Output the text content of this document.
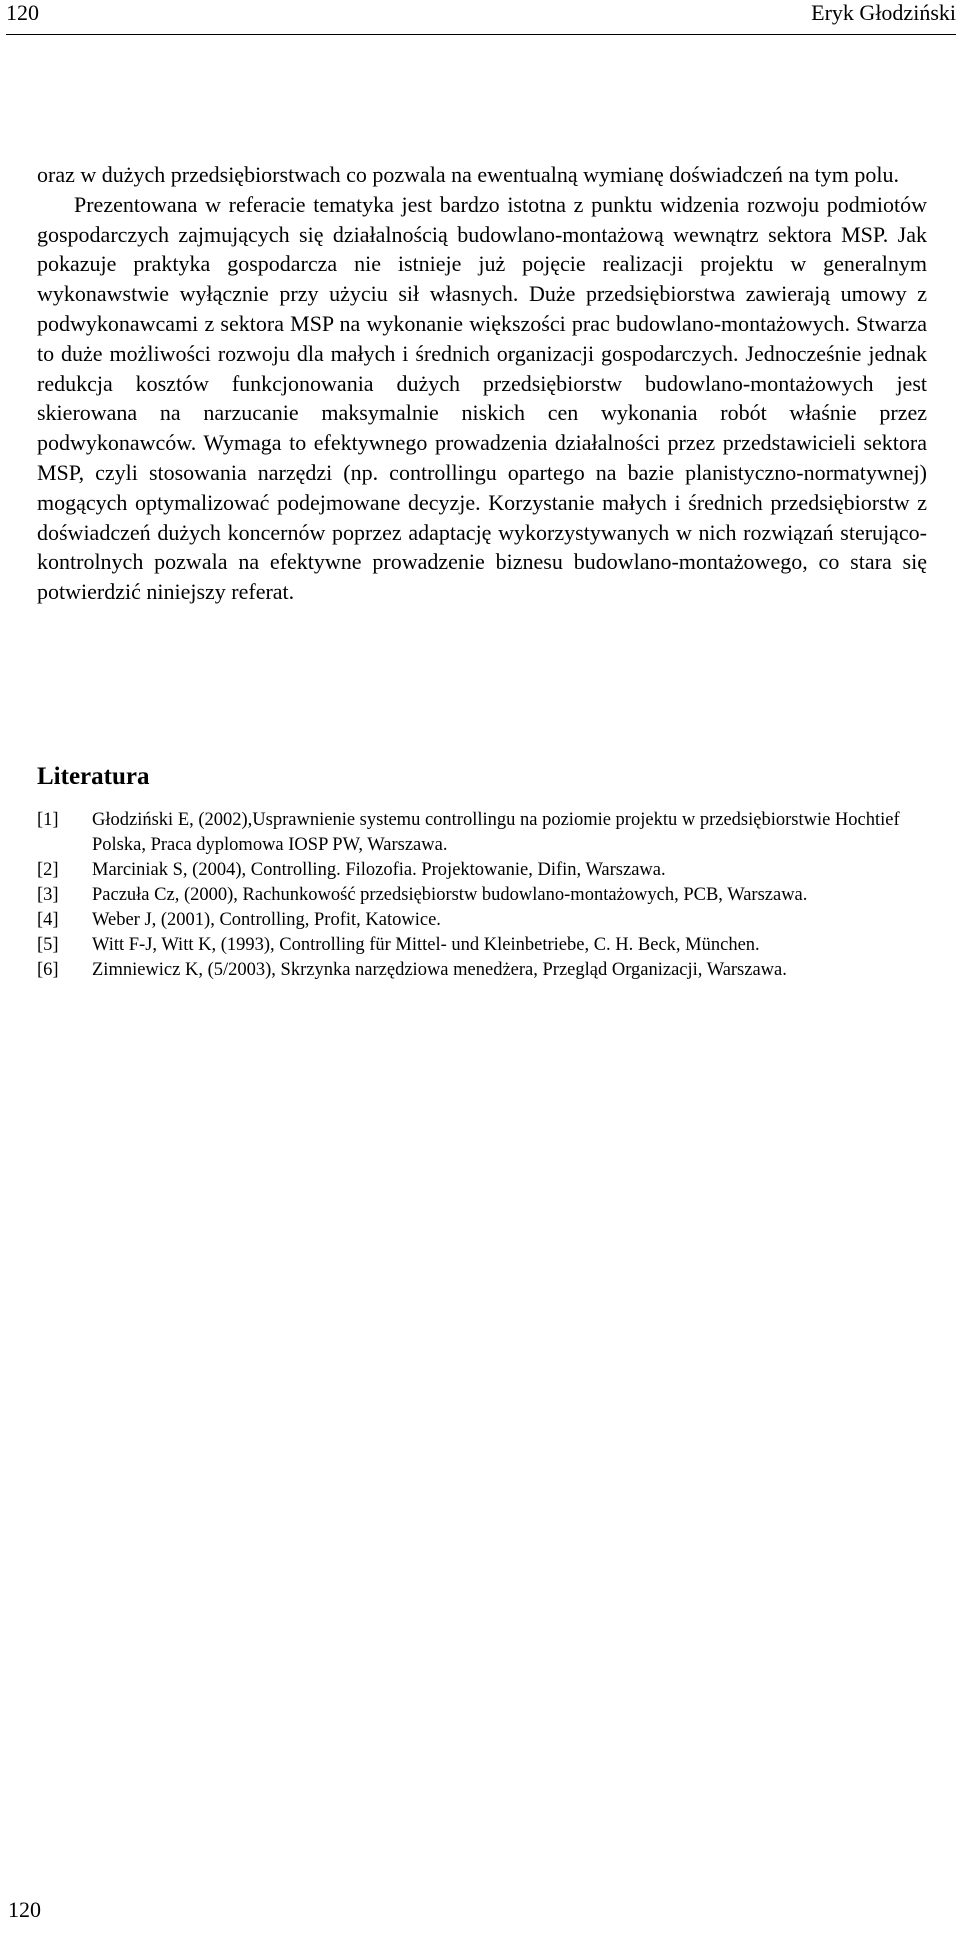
120	Eryk Głodziński

oraz w dużych przedsiębiorstwach co pozwala na ewentualną wymianę doświadczeń na tym polu.

Prezentowana w referacie tematyka jest bardzo istotna z punktu widzenia rozwoju podmiotów gospodarczych zajmujących się działalnością budowlano-montażową wewnątrz sektora MSP. Jak pokazuje praktyka gospodarcza nie istnieje już pojęcie realizacji projektu w generalnym wykonawstwie wyłącznie przy użyciu sił własnych. Duże przedsiębiorstwa zawierają umowy z podwykonawcami z sektora MSP na wykonanie większości prac budowlano-montażowych. Stwarza to duże możliwości rozwoju dla małych i średnich organizacji gospodarczych. Jednocześnie jednak redukcja kosztów funkcjonowania dużych przedsiębiorstw budowlano-montażowych jest skierowana na narzucanie maksymalnie niskich cen wykonania robót właśnie przez podwykonawców. Wymaga to efektywnego prowadzenia działalności przez przedstawicieli sektora MSP, czyli stosowania narzędzi (np. controllingu opartego na bazie planistyczno-normatywnej) mogących optymalizować podejmowane decyzje. Korzystanie małych i średnich przedsiębiorstw z doświadczeń dużych koncernów poprzez adaptację wykorzystywanych w nich rozwiązań sterująco-kontrolnych pozwala na efektywne prowadzenie biznesu budowlano-montażowego, co stara się potwierdzić niniejszy referat.

Literatura
[1] Głodziński E, (2002),Usprawnienie systemu controllingu na poziomie projektu w przedsiębiorstwie Hochtief Polska, Praca dyplomowa IOSP PW, Warszawa.
[2] Marciniak S, (2004), Controlling. Filozofia. Projektowanie, Difin, Warszawa.
[3] Paczuła Cz, (2000), Rachunkowość przedsiębiorstw budowlano-montażowych, PCB, Warszawa.
[4] Weber J, (2001), Controlling, Profit, Katowice.
[5] Witt F-J, Witt K, (1993), Controlling für Mittel- und Kleinbetriebe, C. H. Beck, München.
[6] Zimniewicz K, (5/2003), Skrzynka narzędziowa menedżera, Przegląd Organizacji, Warszawa.
120
